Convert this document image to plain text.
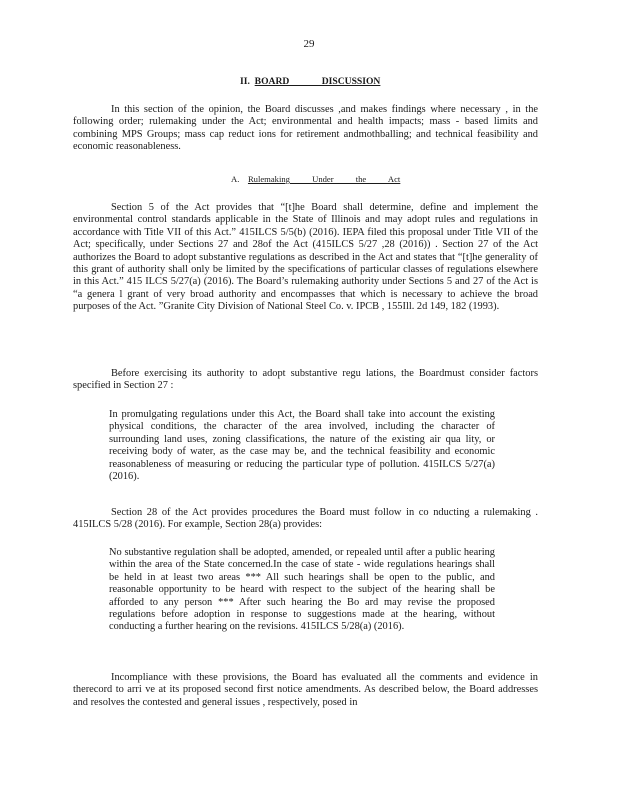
29
II. BOARD DISCUSSION

In this section of the opinion, the Board discusses ,and makes findings where necessary , in the following order; rulemaking under the Act; environmental and health impacts; mass - based limits and combining MPS Groups; mass cap reduct ions for retirement andmothballing; and technical feasibility and economic reasonableness.

A. Rulemaking Under the Act

Section 5 of the Act provides that “[t]he Board shall determine, define and implement the environmental control standards applicable in the State of Illinois and may adopt rules and regulations in accordance with Title VII of this Act.” 415ILCS 5/5(b) (2016). IEPA filed this proposal under Title VII of the Act; specifically, under Sections 27 and 28of the Act (415ILCS 5/27 ,28 (2016)) . Section 27 of the Act authorizes the Board to adopt substantive regulations as described in the Act and states that “[t]he generality of this grant of authority shall only be limited by the specifications of particular classes of regulations elsewhere in this Act.” 415 ILCS 5/27(a) (2016). The Board’s rulemaking authority under Sections 5 and 27 of the Act is “a genera l grant of very broad authority and encompasses that which is necessary to achieve the broad purposes of the Act. ”Granite City Division of National Steel Co. v. IPCB , 155Ill. 2d 149, 182 (1993).

Before exercising its authority to adopt substantive regu lations, the Boardmust consider factors specified in Section 27 :

In promulgating regulations under this Act, the Board shall take into account the existing physical conditions, the character of the area involved, including the character of surrounding land uses, zoning classifications, the nature of the existing air qua lity, or receiving body of water, as the case may be, and the technical feasibility and economic reasonableness of measuring or reducing the particular type of pollution. 415ILCS 5/27(a) (2016).

Section 28 of the Act provides procedures the Board must follow in co nducting a rulemaking . 415ILCS 5/28 (2016). For example, Section 28(a) provides:

No substantive regulation shall be adopted, amended, or repealed until after a public hearing within the area of the State concerned.In the case of state - wide regulations hearings shall be held in at least two areas *** All such hearings shall be open to the public, and reasonable opportunity to be heard with respect to the subject of the hearing shall be afforded to any person *** After such hearing the Bo ard may revise the proposed regulations before adoption in response to suggestions made at the hearing, without conducting a further hearing on the revisions. 415ILCS 5/28(a) (2016).

Incompliance with these provisions, the Board has evaluated all the comments and evidence in therecord to arri ve at its proposed second first notice amendments. As described below, the Board addresses and resolves the contested and general issues , respectively, posed in
